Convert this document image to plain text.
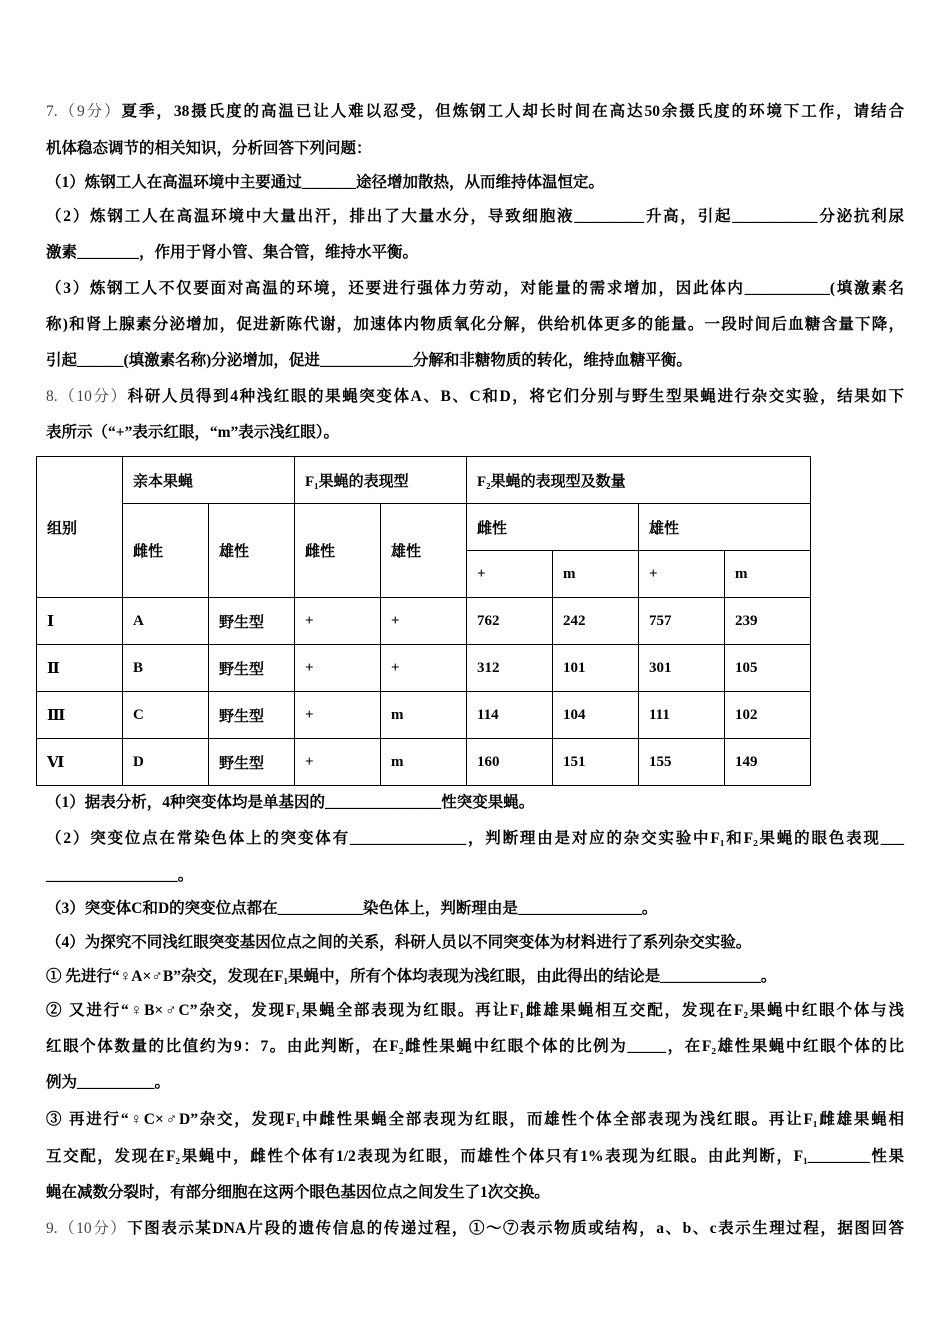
7.（9分）夏季，38摄氏度的高温已让人难以忍受，但炼钢工人却长时间在高达50余摄氏度的环境下工作，请结合
机体稳态调节的相关知识，分析回答下列问题：
（1）炼钢工人在高温环境中主要通过_______途径增加散热，从而维持体温恒定。
（2）炼钢工人在高温环境中大量出汗，排出了大量水分，导致细胞液_________升高，引起___________分泌抗利尿
激素________，作用于肾小管、集合管，维持水平衡。
（3）炼钢工人不仅要面对高温的环境，还要进行强体力劳动，对能量的需求增加，因此体内___________(填激素名
称)和肾上腺素分泌增加，促进新陈代谢，加速体内物质氧化分解，供给机体更多的能量。一段时间后血糖含量下降，
引起______(填激素名称)分泌增加，促进____________分解和非糖物质的转化，维持血糖平衡。
8.（10分）科研人员得到4种浅红眼的果蝇突变体A、B、C和D，将它们分别与野生型果蝇进行杂交实验，结果如下
表所示（“+”表示红眼，“m”表示浅红眼）。
组别	亲本果蝇		F₁果蝇的表现型		F₂果蝇的表现型及数量			
	雌性	雄性	雌性	雄性	雌性		雄性	
					+	m	+	m
Ⅰ	A	野生型	+	+	762	242	757	239
Ⅱ	B	野生型	+	+	312	101	301	105
Ⅲ	C	野生型	+	m	114	104	111	102
Ⅵ	D	野生型	+	m	160	151	155	149
（1）据表分析，4种突变体均是单基因的_______________性突变果蝇。
（2）突变位点在常染色体上的突变体有_______________，判断理由是对应的杂交实验中F₁和F₂果蝇的眼色表现___
_________________。
（3）突变体C和D的突变位点都在___________染色体上，判断理由是________________。
（4）为探究不同浅红眼突变基因位点之间的关系，科研人员以不同突变体为材料进行了系列杂交实验。
① 先进行“♀A×♂B”杂交，发现在F₁果蝇中，所有个体均表现为浅红眼，由此得出的结论是_____________。
② 又进行“♀B×♂C”杂交，发现F₁果蝇全部表现为红眼。再让F₁雌雄果蝇相互交配，发现在F₂果蝇中红眼个体与浅
红眼个体数量的比值约为9：7。由此判断，在F₂雌性果蝇中红眼个体的比例为_____，在F₂雄性果蝇中红眼个体的比
例为__________。
③ 再进行“♀C×♂D”杂交，发现F₁中雌性果蝇全部表现为红眼，而雄性个体全部表现为浅红眼。再让F₁雌雄果蝇相
互交配，发现在F₂果蝇中，雌性个体有1/2表现为红眼，而雄性个体只有1%表现为红眼。由此判断，F₁________性果
蝇在减数分裂时，有部分细胞在这两个眼色基因位点之间发生了1次交换。
9.（10分）下图表示某DNA片段的遗传信息的传递过程，①～⑦表示物质或结构，a、b、c表示生理过程，据图回答
